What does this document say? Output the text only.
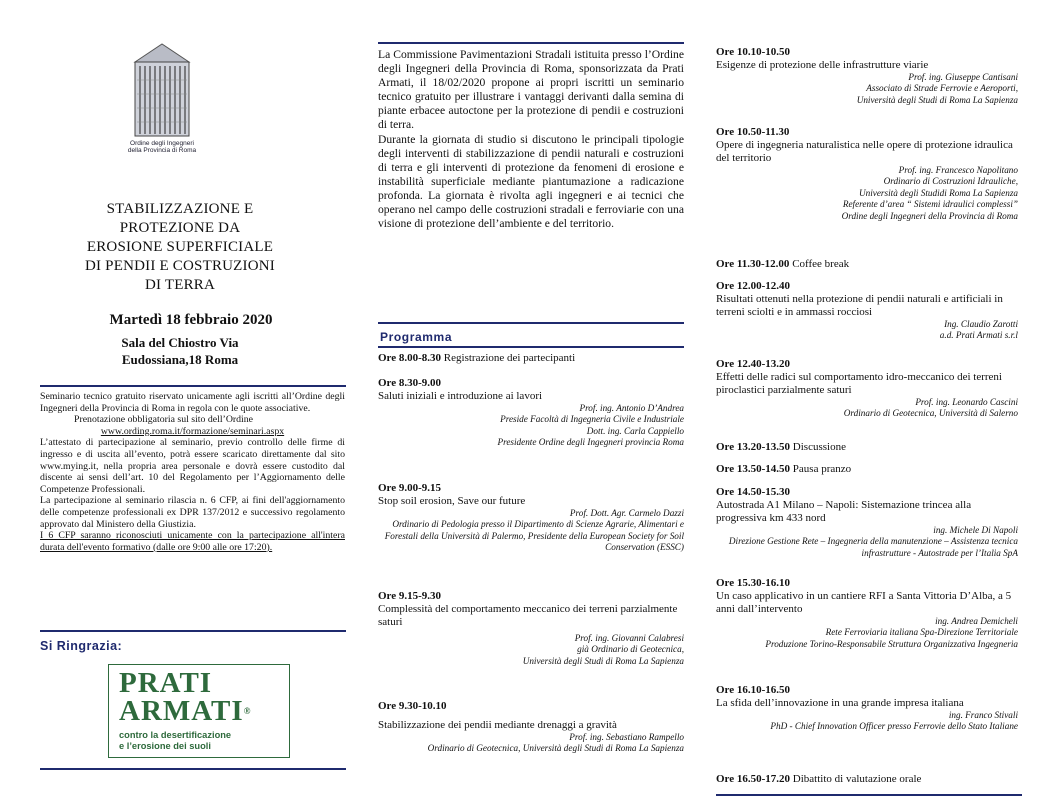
Ordine degli Ingegneri
della Provincia di Roma
STABILIZZAZIONE E
PROTEZIONE DA
EROSIONE SUPERFICIALE
DI PENDII E COSTRUZIONI
DI TERRA
Martedì 18 febbraio 2020
Sala del Chiostro Via
Eudossiana,18 Roma

Seminario tecnico gratuito riservato unicamente agli iscritti all’Ordine degli Ingegneri della Provincia di Roma in regola con le quote associative.

Prenotazione obbligatoria sul sito dell’Ordine

www.ording.roma.it/formazione/seminari.aspx

L’attestato di partecipazione al seminario, previo controllo delle firme di ingresso e di uscita all’evento, potrà essere scaricato direttamente dal sito www.mying.it, nella propria area personale e dovrà essere custodito dal discente ai sensi dell’art. 10 del Regolamento per l’Aggiornamento delle Competenze Professionali.

La partecipazione al seminario rilascia n. 6 CFP, ai fini dell'aggiornamento delle competenze professionali ex DPR 137/2012 e successivo regolamento approvato dal Ministero della Giustizia.

I 6 CFP saranno riconosciuti unicamente con la partecipazione all'intera durata dell'evento formativo (dalle ore 9:00 alle ore 17:20).

Si Ringrazia:
PRATI
ARMATI®
contro la desertificazione
e l’erosione dei suoli

La Commissione Pavimentazioni Stradali istituita presso l’Ordine degli Ingegneri della Provincia di Roma, sponsorizzata da Prati Armati, il 18/02/2020 propone ai propri iscritti un seminario tecnico gratuito per illustrare i vantaggi derivanti dalla semina di piante erbacee autoctone per la protezione di pendii e costruzioni di terra.

Durante la giornata di studio si discutono le principali tipologie degli interventi di stabilizzazione di pendii naturali e costruzioni di terra e gli interventi di protezione da fenomeni di erosione e instabilità superficiale mediante piantumazione a radicazione profonda. La giornata è rivolta agli ingegneri e ai tecnici che operano nel campo delle costruzioni stradali e ferroviarie con una visione di protezione dell’ambiente e del territorio.

Programma
Ore 8.00-8.30 Registrazione dei partecipanti
Ore 8.30-9.00
Saluti iniziali e introduzione ai lavori
Prof. ing. Antonio D’Andrea
Preside Facoltà di Ingegneria Civile e Industriale
Dott. ing. Carla Cappiello
Presidente Ordine degli Ingegneri provincia Roma
Ore 9.00-9.15
Stop soil erosion, Save our future
Prof. Dott. Agr. Carmelo Dazzi
Ordinario di Pedologia presso il Dipartimento di Scienze Agrarie, Alimentari e Forestali della Università di Palermo, Presidente della European Society for Soil Conservation (ESSC)
Ore 9.15-9.30
Complessità del comportamento meccanico dei terreni parzialmente saturi
Prof. ing. Giovanni Calabresi
già Ordinario di Geotecnica,
Università degli Studi di Roma La Sapienza
Ore 9.30-10.10
Stabilizzazione dei pendii mediante drenaggi a gravità
Prof. ing. Sebastiano Rampello
Ordinario di Geotecnica, Università degli Studi di Roma La Sapienza
Ore 10.10-10.50
Esigenze di protezione delle infrastrutture viarie
Prof. ing. Giuseppe Cantisani
Associato di Strade Ferrovie e Aeroporti,
Università degli Studi di Roma La Sapienza
Ore 10.50-11.30
Opere di ingegneria naturalistica nelle opere di protezione idraulica del territorio
Prof. ing. Francesco Napolitano
Ordinario di Costruzioni Idrauliche,
Università degli Studidi Roma La Sapienza
Referente d’area “ Sistemi idraulici complessi”
Ordine degli Ingegneri della Provincia di Roma
Ore 11.30-12.00 Coffee break
Ore 12.00-12.40
Risultati ottenuti nella protezione di pendii naturali e artificiali in terreni sciolti e in ammassi rocciosi
Ing. Claudio Zarotti
a.d. Prati Armati s.r.l
Ore 12.40-13.20
Effetti delle radici sul comportamento idro-meccanico dei terreni piroclastici parzialmente saturi
Prof. ing. Leonardo Cascini
Ordinario di Geotecnica, Università di Salerno
Ore 13.20-13.50 Discussione
Ore 13.50-14.50 Pausa pranzo
Ore 14.50-15.30
Autostrada A1 Milano – Napoli: Sistemazione trincea alla progressiva km 433 nord
ing. Michele Di Napoli
Direzione Gestione Rete – Ingegneria della manutenzione – Assistenza tecnica infrastrutture - Autostrade per l’Italia SpA
Ore 15.30-16.10
Un caso applicativo in un cantiere RFI a Santa Vittoria D’Alba, a 5 anni dall’intervento
ing. Andrea Demicheli
Rete Ferroviaria italiana Spa-Direzione Territoriale
Produzione Torino-Responsabile Struttura Organizzativa Ingegneria
Ore 16.10-16.50
La sfida dell’innovazione in una grande impresa italiana
ing. Franco Stivali
PhD - Chief Innovation Officer presso Ferrovie dello Stato Italiane
Ore 16.50-17.20 Dibattito di valutazione orale
